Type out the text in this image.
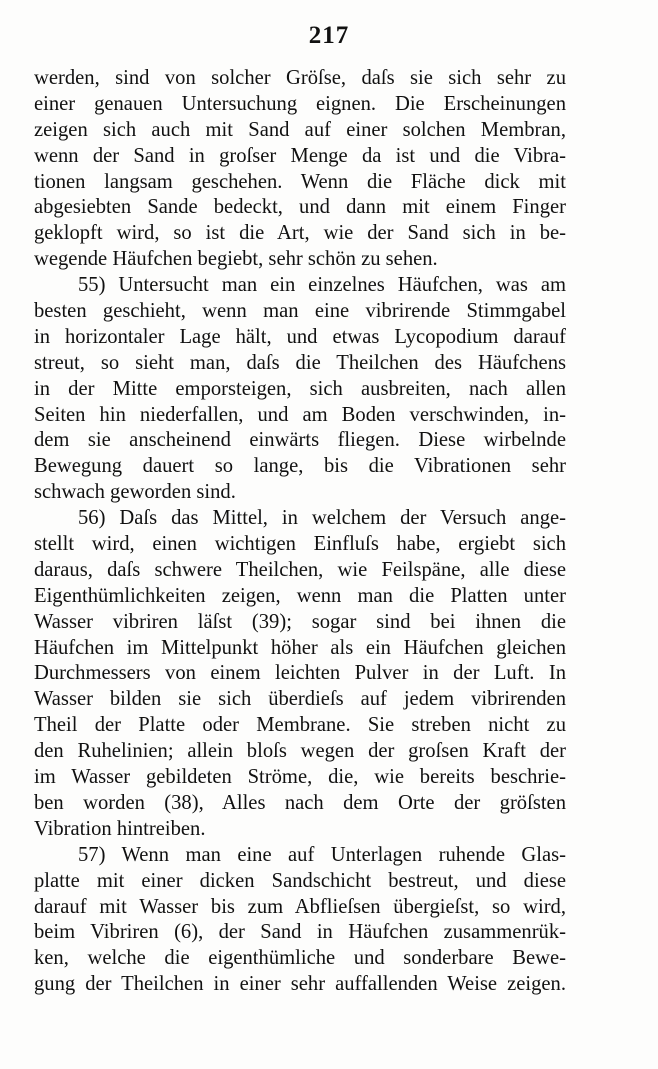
217
werden, sind von solcher Gröſse, daſs sie sich sehr zu
einer genauen Untersuchung eignen. Die Erscheinungen
zeigen sich auch mit Sand auf einer solchen Membran,
wenn der Sand in groſser Menge da ist und die Vibra-
tionen langsam geschehen. Wenn die Fläche dick mit
abgesiebten Sande bedeckt, und dann mit einem Finger
geklopft wird, so ist die Art, wie der Sand sich in be-
wegende Häufchen begiebt, sehr schön zu sehen.
55) Untersucht man ein einzelnes Häufchen, was am
besten geschieht, wenn man eine vibrirende Stimmgabel
in horizontaler Lage hält, und etwas Lycopodium darauf
streut, so sieht man, daſs die Theilchen des Häufchens
in der Mitte emporsteigen, sich ausbreiten, nach allen
Seiten hin niederfallen, und am Boden verschwinden, in-
dem sie anscheinend einwärts fliegen. Diese wirbelnde
Bewegung dauert so lange, bis die Vibrationen sehr
schwach geworden sind.
56) Daſs das Mittel, in welchem der Versuch ange-
stellt wird, einen wichtigen Einfluſs habe, ergiebt sich
daraus, daſs schwere Theilchen, wie Feilspäne, alle diese
Eigenthümlichkeiten zeigen, wenn man die Platten unter
Wasser vibriren läſst (39); sogar sind bei ihnen die
Häufchen im Mittelpunkt höher als ein Häufchen gleichen
Durchmessers von einem leichten Pulver in der Luft. In
Wasser bilden sie sich überdieſs auf jedem vibrirenden
Theil der Platte oder Membrane. Sie streben nicht zu
den Ruhelinien; allein bloſs wegen der groſsen Kraft der
im Wasser gebildeten Ströme, die, wie bereits beschrie-
ben worden (38), Alles nach dem Orte der gröſsten
Vibration hintreiben.
57) Wenn man eine auf Unterlagen ruhende Glas-
platte mit einer dicken Sandschicht bestreut, und diese
darauf mit Wasser bis zum Abflieſsen übergieſst, so wird,
beim Vibriren (6), der Sand in Häufchen zusammenrük-
ken, welche die eigenthümliche und sonderbare Bewe-
gung der Theilchen in einer sehr auffallenden Weise zeigen.
